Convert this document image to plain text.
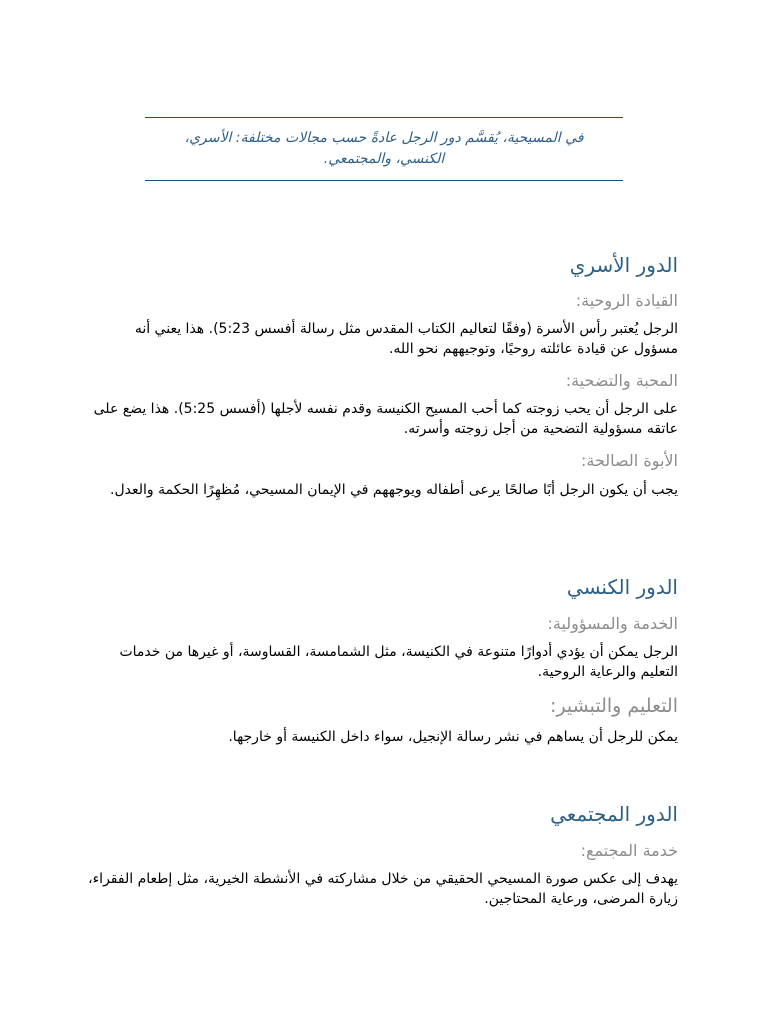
في المسيحية، يُقسَّم دور الرجل عادةً حسب مجالات مختلفة: الأسري، الكنسي، والمجتمعي.

الدور الأسري
القيادة الروحية:

الرجل يُعتبر رأس الأسرة (وفقًا لتعاليم الكتاب المقدس مثل رسالة أفسس 5:23). هذا يعني أنه مسؤول عن قيادة عائلته روحيًا، وتوجيههم نحو الله.

المحبة والتضحية:

على الرجل أن يحب زوجته كما أحب المسيح الكنيسة وقدم نفسه لأجلها (أفسس 5:25). هذا يضع على عاتقه مسؤولية التضحية من أجل زوجته وأسرته.

الأبوة الصالحة:

يجب أن يكون الرجل أبًا صالحًا يرعى أطفاله ويوجههم في الإيمان المسيحي، مُظهِرًا الحكمة والعدل.

الدور الكنسي
الخدمة والمسؤولية:

الرجل يمكن أن يؤدي أدوارًا متنوعة في الكنيسة، مثل الشمامسة، القساوسة، أو غيرها من خدمات التعليم والرعاية الروحية.

التعليم والتبشير:

يمكن للرجل أن يساهم في نشر رسالة الإنجيل، سواء داخل الكنيسة أو خارجها.

الدور المجتمعي
خدمة المجتمع:

يهدف إلى عكس صورة المسيحي الحقيقي من خلال مشاركته في الأنشطة الخيرية، مثل إطعام الفقراء، زيارة المرضى، ورعاية المحتاجين.
